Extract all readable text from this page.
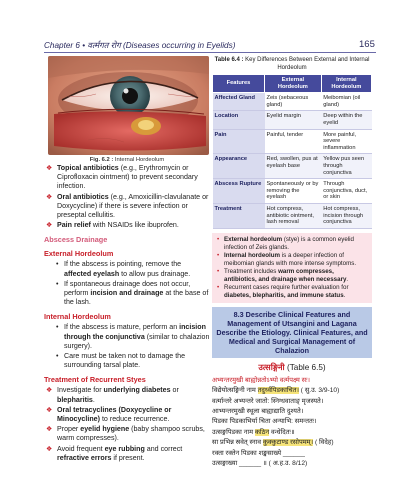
Chapter 6 • वर्त्मगत रोग (Diseases occurring in Eyelids)	165
Fig. 6.2 : Internal Hordeolum
❖ Topical antibiotics (e.g., Erythromycin or Ciprofloxacin ointment) to prevent secondary infection.
❖ Oral antibiotics (e.g., Amoxicillin-clavulanate or Doxycycline) if there is severe infection or preseptal cellulitis.
❖ Pain relief with NSAIDs like ibuprofen.
Abscess Drainage
External Hordeolum
• If the abscess is pointing, remove the affected eyelash to allow pus drainage.
• If spontaneous drainage does not occur, perform incision and drainage at the base of the lash.
Internal Hordeolum
• If the abscess is mature, perform an incision through the conjunctiva (similar to chalazion surgery).
• Care must be taken not to damage the surrounding tarsal plate.
Treatment of Recurrent Styes
❖ Investigate for underlying diabetes or blepharitis.
❖ Oral tetracyclines (Doxycycline or Minocycline) to reduce recurrence.
❖ Proper eyelid hygiene (baby shampoo scrubs, warm compresses).
❖ Avoid frequent eye rubbing and correct refractive errors if present.
Table 6.4 : Key Differences Between External and Internal Hordeolum
Features	External Hordeolum	Internal Hordeolum
Affected Gland	Zeis (sebaceous gland)	Meibomian (oil gland)
Location	Eyelid margin	Deep within the eyelid
Pain	Painful, tender	More painful, severe inflammation
Appearance	Red, swollen, pus at eyelash base	Yellow pus seen through conjunctiva
Abscess Rupture	Spontaneously or by removing the eyelash	Through conjunctiva, duct, or skin
Treatment	Hot compress, antibiotic ointment, lash removal	Hot compress, incision through conjunctiva
• External hordeolum (stye) is a common eyelid infection of Zeis glands.
• Internal hordeolum is a deeper infection of meibomian glands with more intense symptoms.
• Treatment includes warm compresses, antibiotics, and drainage when necessary.
• Recurrent cases require further evaluation for diabetes, blepharitis, and immune status.
8.3 Describe Clinical Features and Management of Utsangini and Lagana Describe the Etiology. Clinical Features, and Medical and Surgical Management of Chalazion
उत्सङ्गिनी (Table 6.5)
अभ्यन्तरमुखी बाह्योन्नतोऽभ्यो वर्त्मपक्ष्म सः।
विद्येयोत्सङ्गिनी नाम तदुर्ध्वपिडकाचित। ( सु.उ. 3/9-10)
वर्त्मान्तरे अभ्यन्तरे जातो: स्निग्धवाताङ् मृजस्यते।
आभ्यन्तरमुखी स्थूला बाह्याद्याति दुश्यते।
पिडका पिडकाभिर्या चिता अन्याभि: समन्ततः।
उत्सङ्गपिडका नाम कठिन वन्धेदितः॥
सा प्रभिन्न स्रवेत् स्नाव कुक्कुटाण्ड रसोपमम्। ( विदेह)
रक्ता रक्तेन पिडका शङ्खसाख्ये ______
उत्सङ्गाख्या ______ ॥ ( अ.ह.उ. 8/12)
